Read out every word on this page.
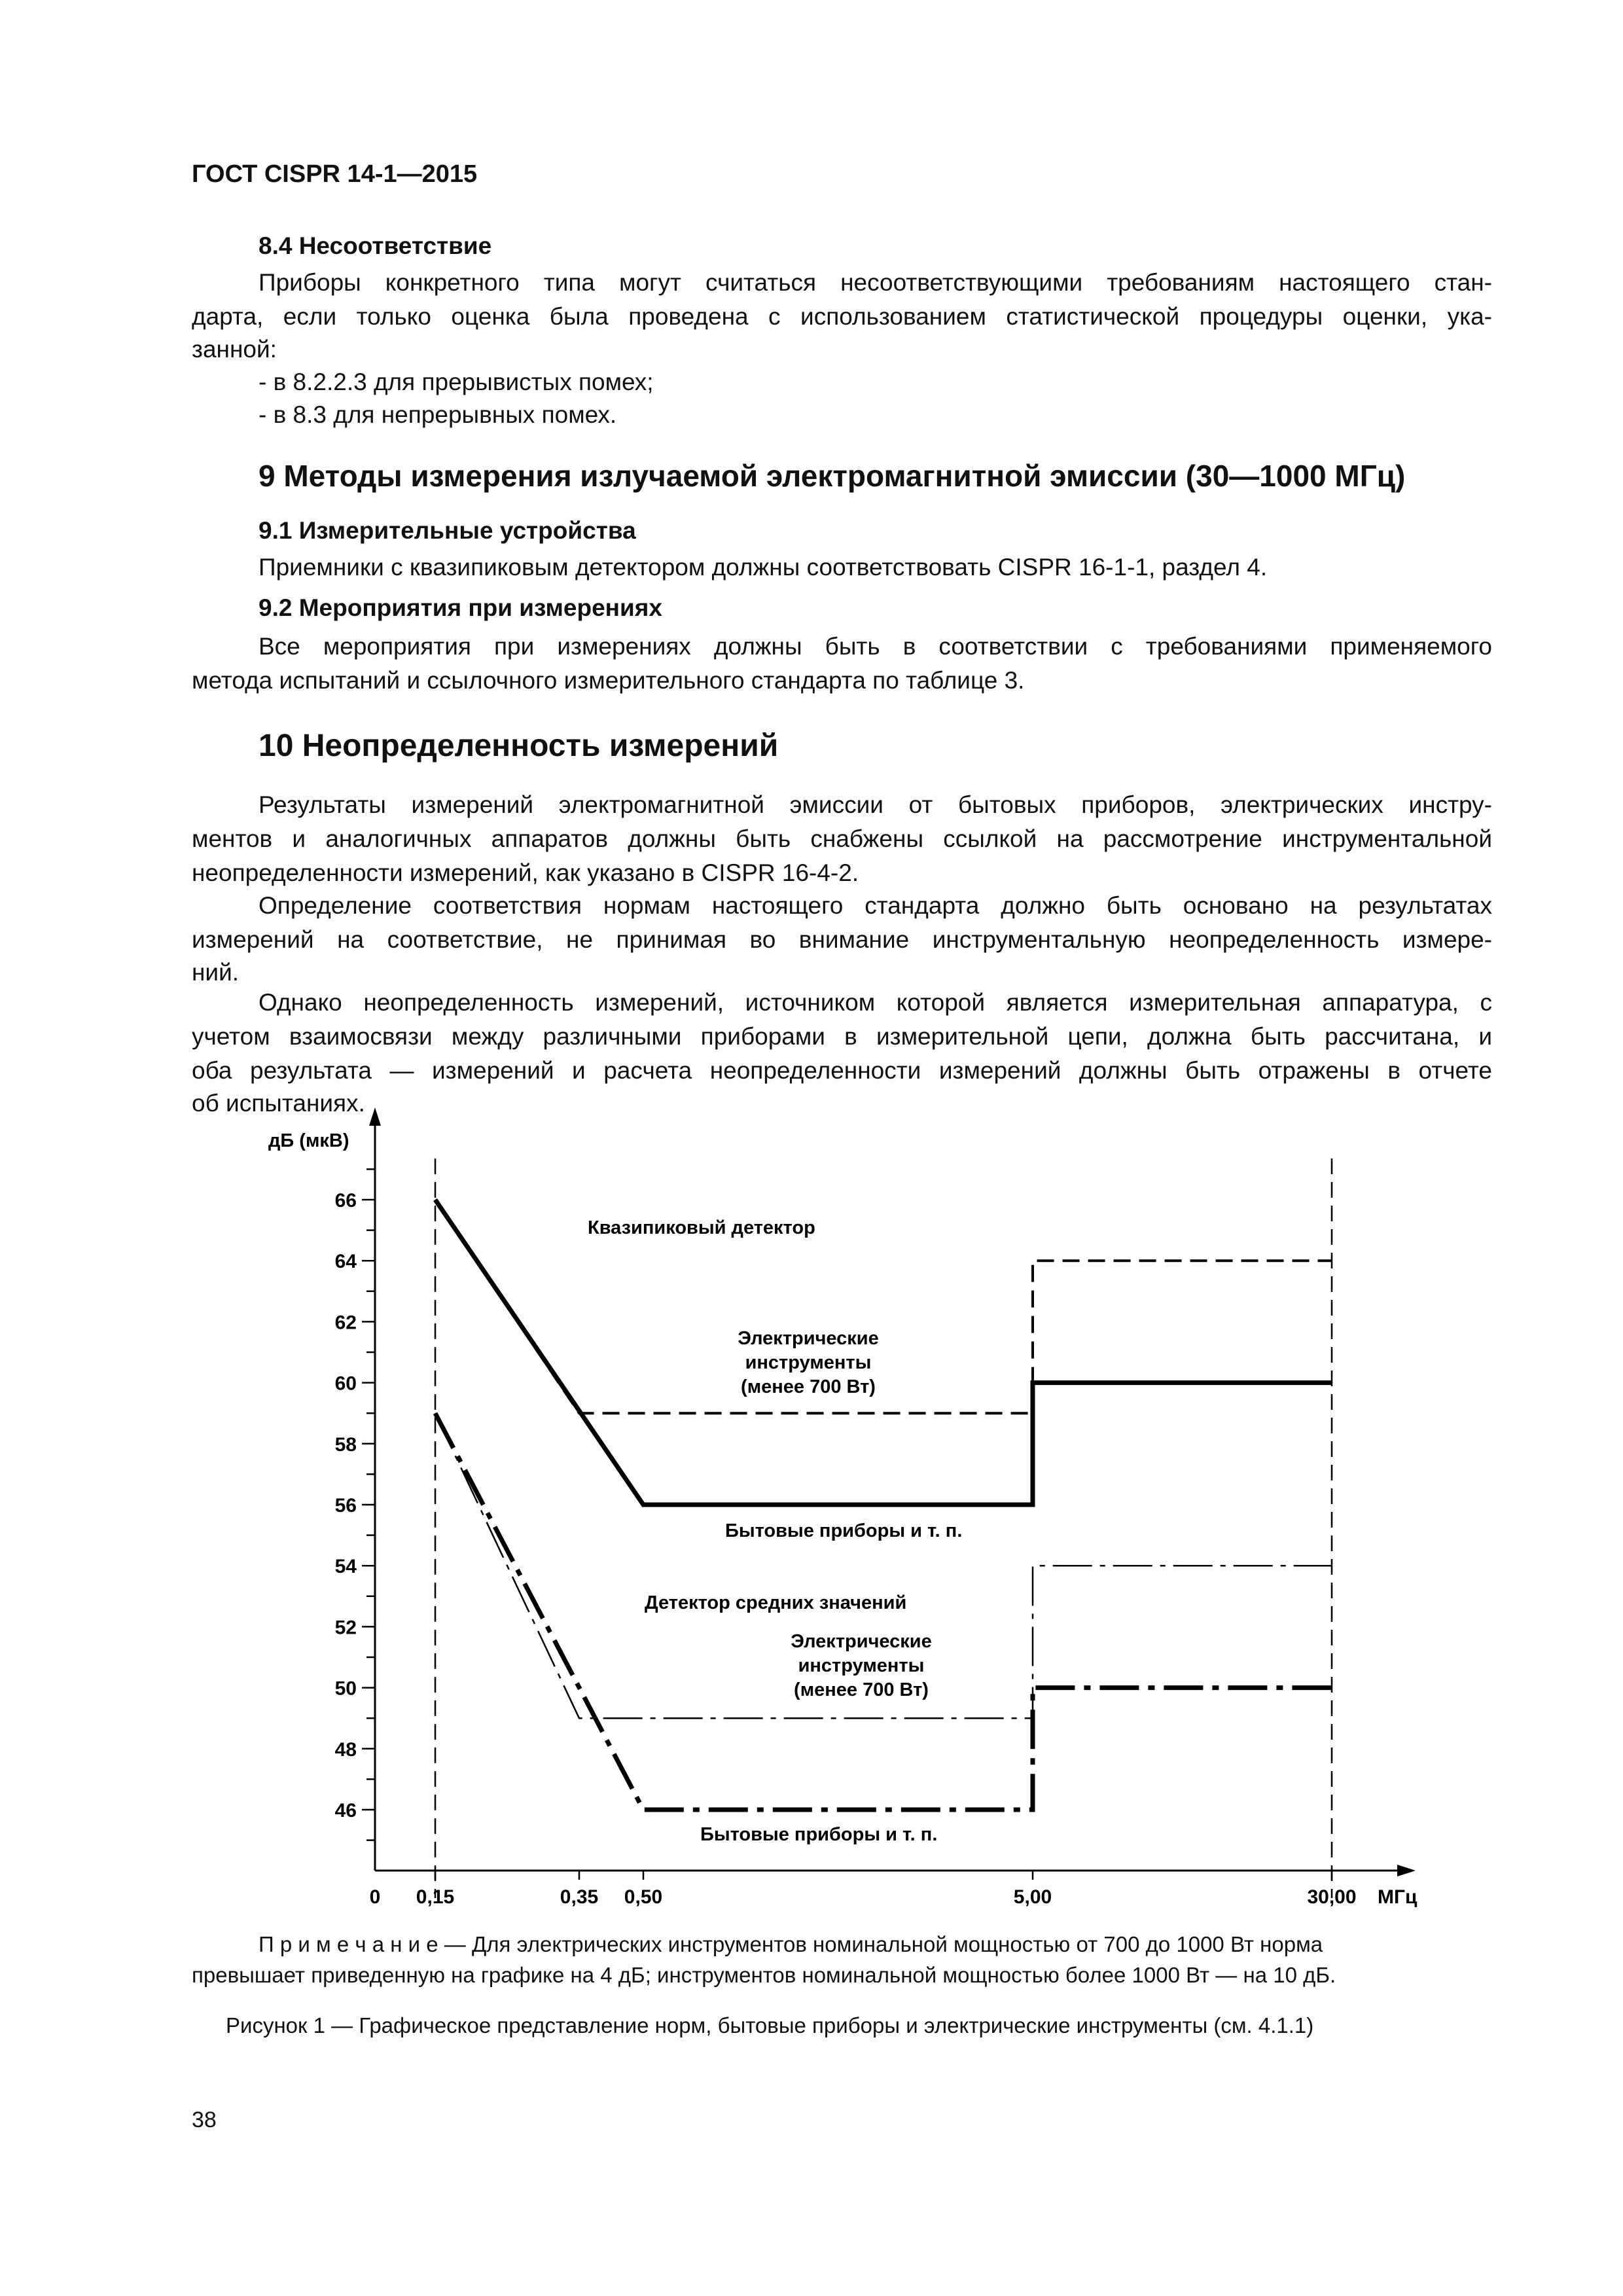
ГОСТ CISPR 14-1—2015
8.4 Несоответствие
Приборы конкретного типа могут считаться несоответствующими требованиям настоящего стан-
дарта, если только оценка была проведена с использованием статистической процедуры оценки, ука-
занной:
- в 8.2.2.3 для прерывистых помех;
- в 8.3 для непрерывных помех.
9 Методы измерения излучаемой электромагнитной эмиссии (30—1000 МГц)
9.1 Измерительные устройства
Приемники с квазипиковым детектором должны соответствовать CISPR 16-1-1, раздел 4.
9.2 Мероприятия при измерениях
Все мероприятия при измерениях должны быть в соответствии с требованиями применяемого
метода испытаний и ссылочного измерительного стандарта по таблице 3.
10 Неопределенность измерений
Результаты измерений электромагнитной эмиссии от бытовых приборов, электрических инстру-
ментов и аналогичных аппаратов должны быть снабжены ссылкой на рассмотрение инструментальной
неопределенности измерений, как указано в CISPR 16-4-2.
Определение соответствия нормам настоящего стандарта должно быть основано на результатах
измерений на соответствие, не принимая во внимание инструментальную неопределенность измере-
ний.
Однако неопределенность измерений, источником которой является измерительная аппаратура, с
учетом взаимосвязи между различными приборами в измерительной цепи, должна быть рассчитана, и
оба результата — измерений и расчета неопределенности измерений должны быть отражены в отчете
об испытаниях.
46
48
50
52
54
56
58
60
62
64
66
0 0,15	0,35 0,50	5,00	30,00
дБ (мкВ)
МГц
Квазипиковый детектор
Электрические
инструменты
(менее 700 Вт)
Бытовые приборы и т. п.
Детектор средних значений
Электрические
инструменты
(менее 700 Вт)
Бытовые приборы и т. п.
П р и м е ч а н и е — Для электрических инструментов номинальной мощностью от 700 до 1000 Вт норма
превышает приведенную на графике на 4 дБ; инструментов номинальной мощностью более 1000 Вт — на 10 дБ.
Рисунок 1 — Графическое представление норм, бытовые приборы и электрические инструменты (см. 4.1.1)
38
